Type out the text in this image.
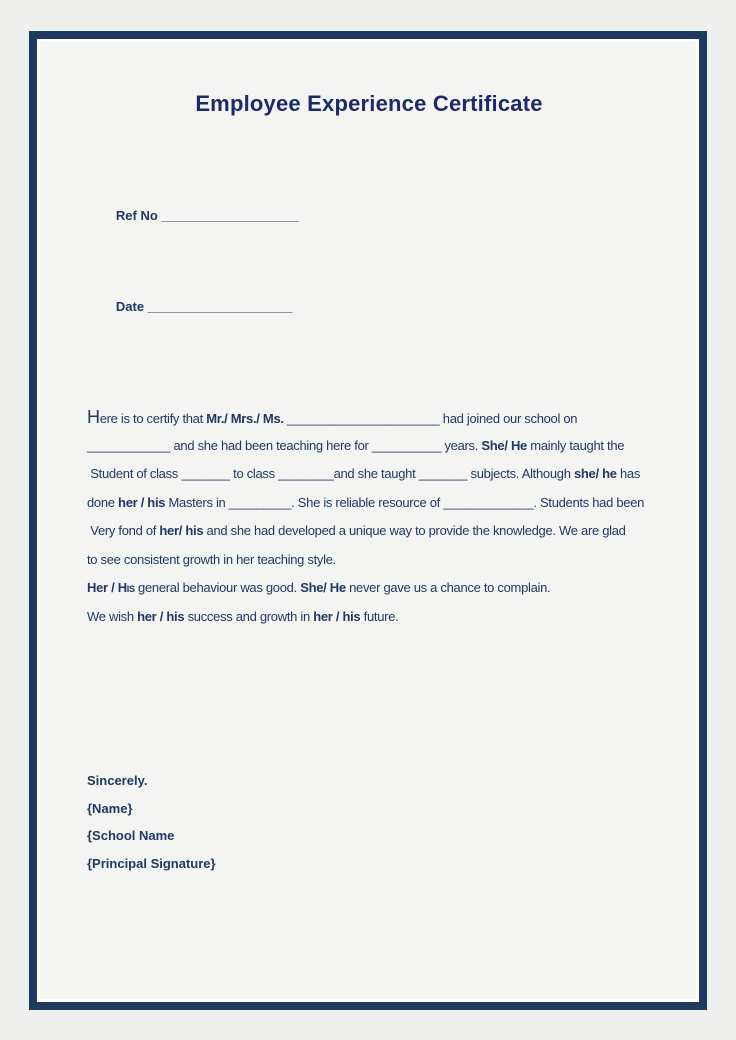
Employee Experience Certificate

Ref No ___________________

Date ____________________

Here is to certify that Mr./ Mrs./ Ms. ______________________ had joined our school on
____________ and she had been teaching here for __________ years. She/ He mainly taught the
Student of class _______ to class ________and she taught _______ subjects. Although she/ he has
done her / his Masters in _________. She is reliable resource of _____________. Students had been
Very fond of her/ his and she had developed a unique way to provide the knowledge. We are glad
to see consistent growth in her teaching style.
Her / His general behaviour was good. She/ He never gave us a chance to complain.
We wish her / his success and growth in her / his future.
Sincerely.
{Name}
{School Name
{Principal Signature}
